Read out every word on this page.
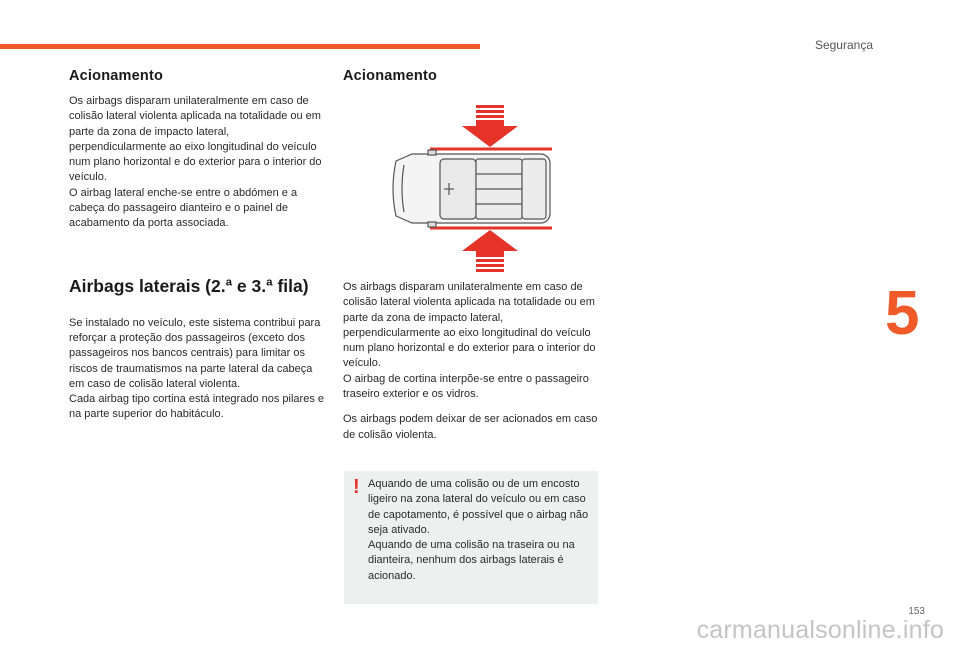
Segurança
5
Acionamento

Os airbags disparam unilateralmente em caso de colisão lateral violenta aplicada na totalidade ou em parte da zona de impacto lateral, perpendicularmente ao eixo longitudinal do veículo num plano horizontal e do exterior para o interior do veículo.

O airbag lateral enche-se entre o abdómen e a cabeça do passageiro dianteiro e o painel de acabamento da porta associada.

Airbags laterais (2.ª e 3.ª fila)

Se instalado no veículo, este sistema contribui para reforçar a proteção dos passageiros (exceto dos passageiros nos bancos centrais) para limitar os riscos de traumatismos na parte lateral da cabeça em caso de colisão lateral violenta.

Cada airbag tipo cortina está integrado nos pilares e na parte superior do habitáculo.

Acionamento

Os airbags disparam unilateralmente em caso de colisão lateral violenta aplicada na totalidade ou em parte da zona de impacto lateral, perpendicularmente ao eixo longitudinal do veículo num plano horizontal e do exterior para o interior do veículo.

O airbag de cortina interpõe-se entre o passageiro traseiro exterior e os vidros.

Os airbags podem deixar de ser acionados em caso de colisão violenta.

! Aquando de uma colisão ou de um encosto ligeiro na zona lateral do veículo ou em caso de capotamento, é possível que o airbag não seja ativado.

Aquando de uma colisão na traseira ou na dianteira, nenhum dos airbags laterais é acionado.

153
carmanualsonline.info
